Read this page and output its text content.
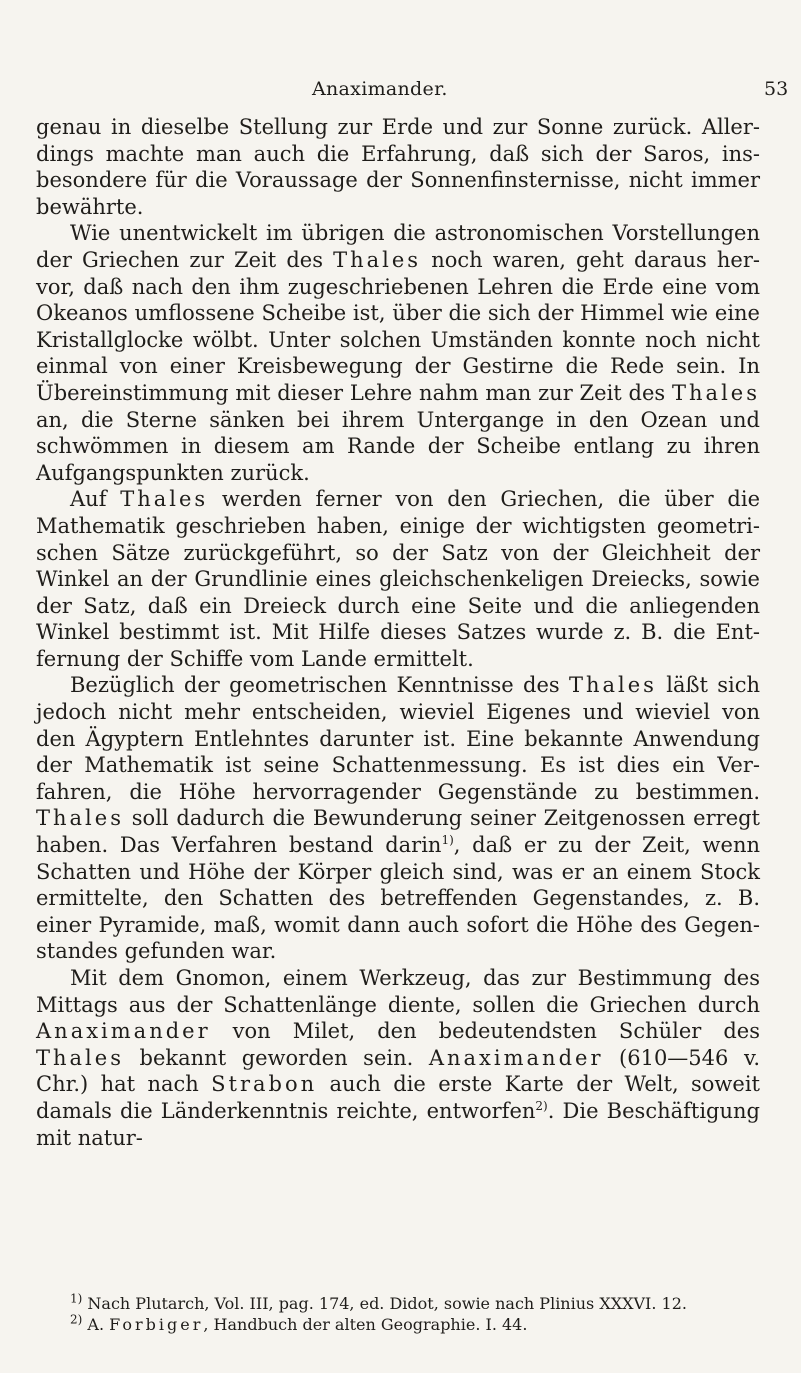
Anaximander.	53

genau in dieselbe Stellung zur Erde und zur Sonne zurück. Aller-dings machte man auch die Erfahrung, daß sich der Saros, ins-besondere für die Voraussage der Sonnenfinsternisse, nicht immer bewährte.

Wie unentwickelt im übrigen die astronomischen Vorstellungen der Griechen zur Zeit des Thales noch waren, geht daraus her-vor, daß nach den ihm zugeschriebenen Lehren die Erde eine vom Okeanos umflossene Scheibe ist, über die sich der Himmel wie eine Kristallglocke wölbt. Unter solchen Umständen konnte noch nicht einmal von einer Kreisbewegung der Gestirne die Rede sein. In Übereinstimmung mit dieser Lehre nahm man zur Zeit des Thales an, die Sterne sänken bei ihrem Untergange in den Ozean und schwömmen in diesem am Rande der Scheibe entlang zu ihren Aufgangspunkten zurück.

Auf Thales werden ferner von den Griechen, die über die Mathematik geschrieben haben, einige der wichtigsten geometri-schen Sätze zurückgeführt, so der Satz von der Gleichheit der Winkel an der Grundlinie eines gleichschenkeligen Dreiecks, sowie der Satz, daß ein Dreieck durch eine Seite und die anliegenden Winkel bestimmt ist. Mit Hilfe dieses Satzes wurde z. B. die Ent-fernung der Schiffe vom Lande ermittelt.

Bezüglich der geometrischen Kenntnisse des Thales läßt sich jedoch nicht mehr entscheiden, wieviel Eigenes und wieviel von den Ägyptern Entlehntes darunter ist. Eine bekannte Anwendung der Mathematik ist seine Schattenmessung. Es ist dies ein Ver-fahren, die Höhe hervorragender Gegenstände zu bestimmen. Thales soll dadurch die Bewunderung seiner Zeitgenossen erregt haben. Das Verfahren bestand darin$^{1)}$, daß er zu der Zeit, wenn Schatten und Höhe der Körper gleich sind, was er an einem Stock ermittelte, den Schatten des betreffenden Gegenstandes, z. B. einer Pyramide, maß, womit dann auch sofort die Höhe des Gegen-standes gefunden war.

Mit dem Gnomon, einem Werkzeug, das zur Bestimmung des Mittags aus der Schattenlänge diente, sollen die Griechen durch Anaximander von Milet, den bedeutendsten Schüler des Thales bekannt geworden sein. Anaximander (610—546 v. Chr.) hat nach Strabon auch die erste Karte der Welt, soweit damals die Länderkenntnis reichte, entworfen$^{2)}$. Die Beschäftigung mit natur-

$^{1)}$ Nach Plutarch, Vol. III, pag. 174, ed. Didot, sowie nach Plinius XXXVI. 12.

$^{2)}$ A. Forbiger, Handbuch der alten Geographie. I. 44.
